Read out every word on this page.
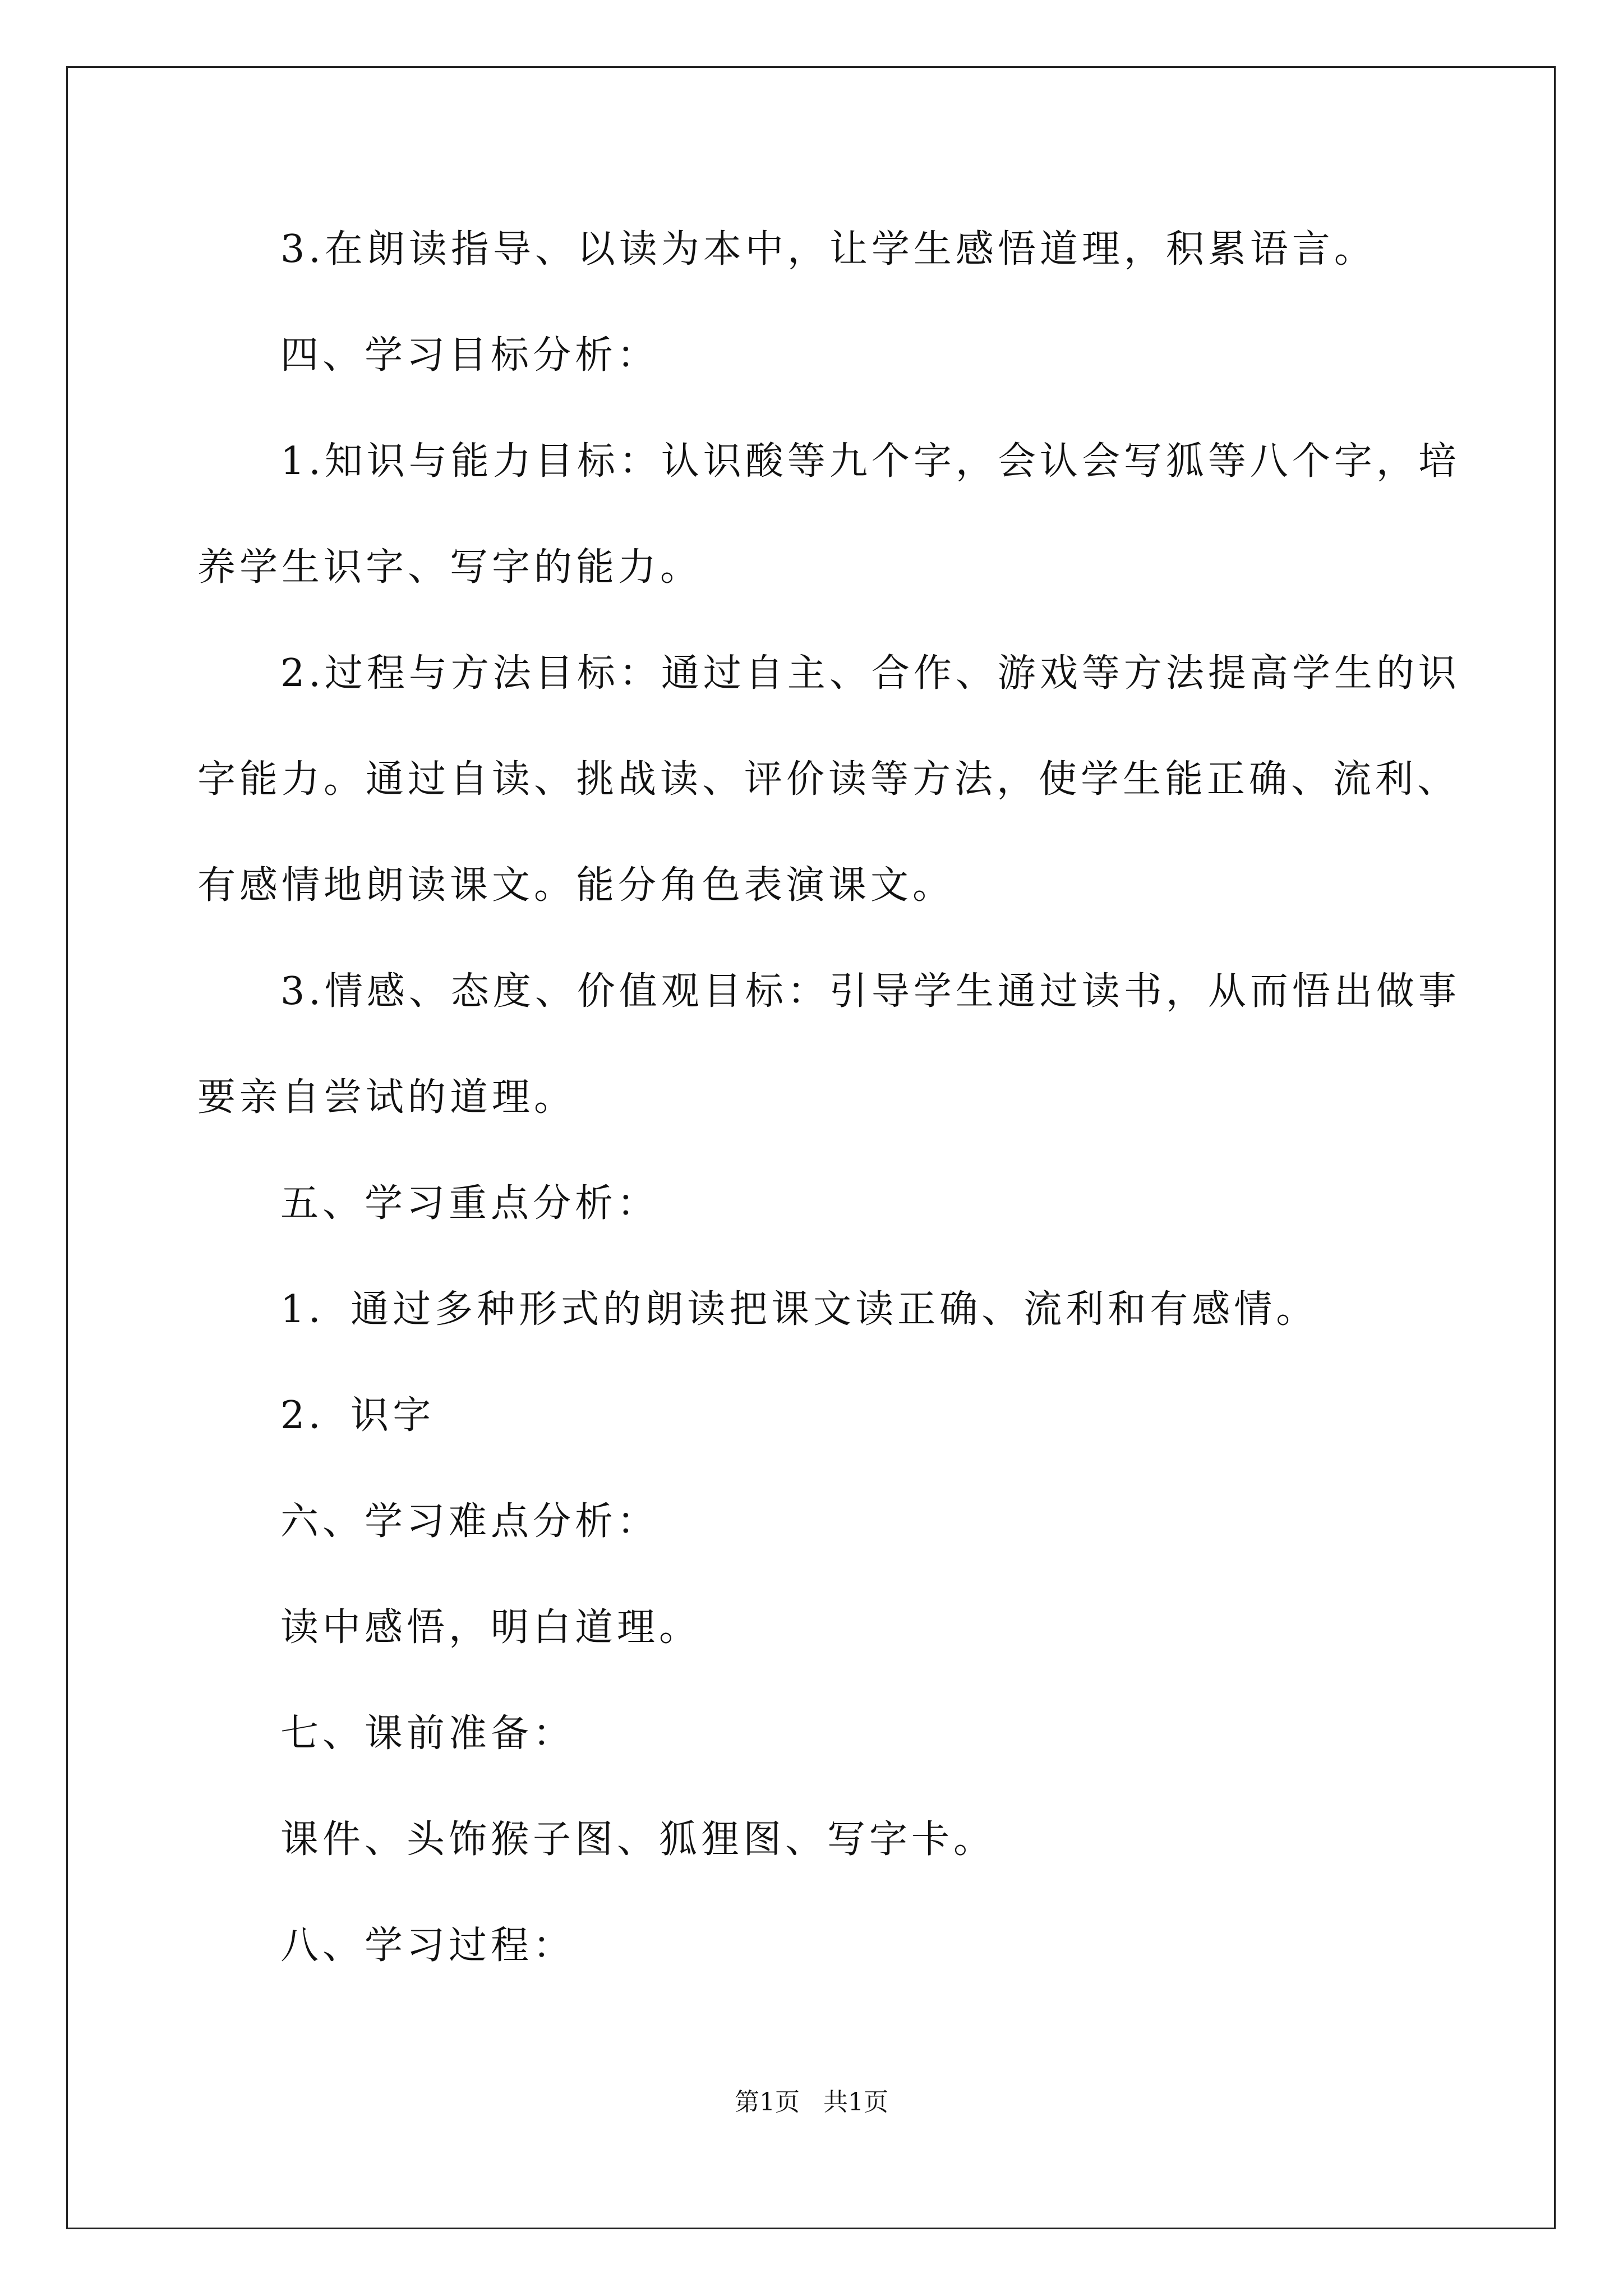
3.在朗读指导、以读为本中，让学生感悟道理，积累语言。
四、学习目标分析：
1.知识与能力目标：认识酸等九个字，会认会写狐等八个字，培
养学生识字、写字的能力。
2.过程与方法目标：通过自主、合作、游戏等方法提高学生的识
字能力。通过自读、挑战读、评价读等方法，使学生能正确、流利、
有感情地朗读课文。能分角色表演课文。
3.情感、态度、价值观目标：引导学生通过读书，从而悟出做事
要亲自尝试的道理。
五、学习重点分析：
1．通过多种形式的朗读把课文读正确、流利和有感情。
2．识字
六、学习难点分析：
读中感悟，明白道理。
七、课前准备：
课件、头饰猴子图、狐狸图、写字卡。
八、学习过程：
第1页   共1页
